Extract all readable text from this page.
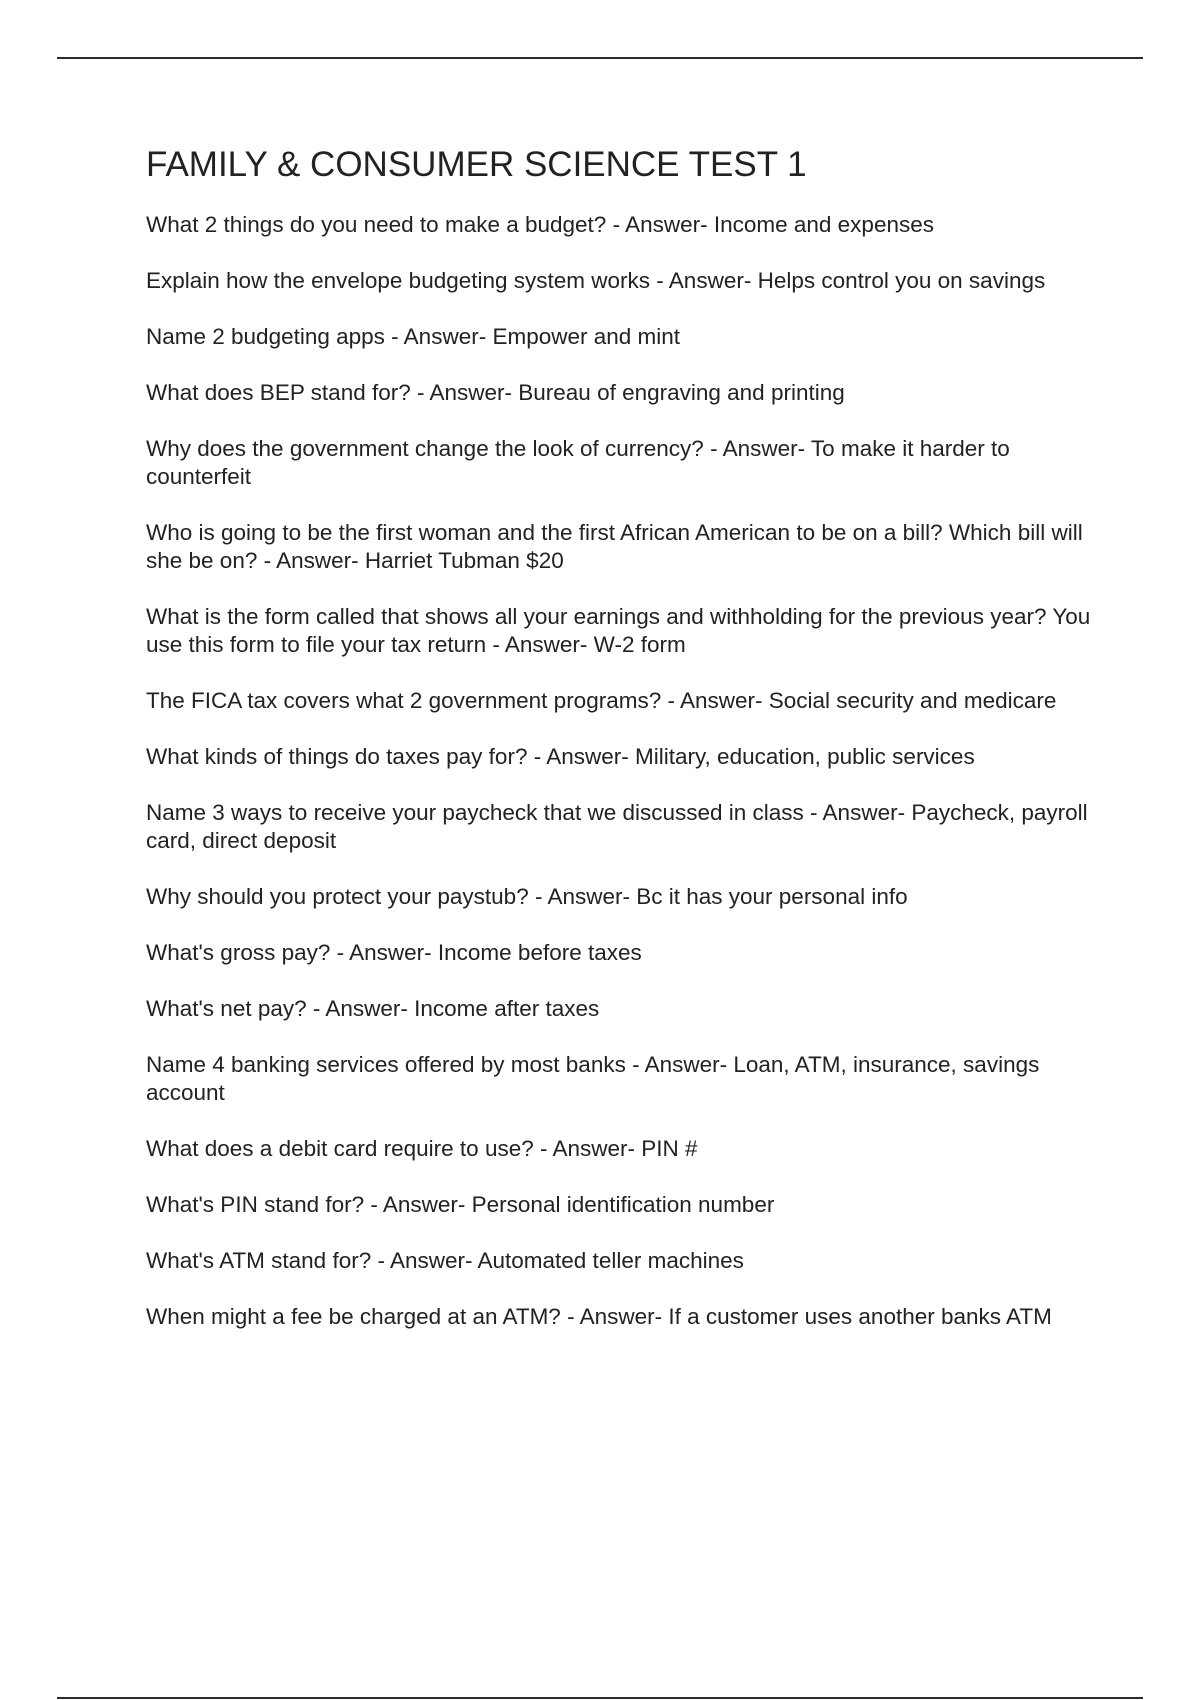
FAMILY & CONSUMER SCIENCE TEST 1
What 2 things do you need to make a budget? - Answer- Income and expenses
Explain how the envelope budgeting system works - Answer- Helps control you on savings
Name 2 budgeting apps - Answer- Empower and mint
What does BEP stand for? - Answer- Bureau of engraving and printing
Why does the government change the look of currency? - Answer- To make it harder to counterfeit
Who is going to be the first woman and the first African American to be on a bill? Which bill will she be on? - Answer- Harriet Tubman $20
What is the form called that shows all your earnings and withholding for the previous year? You use this form to file your tax return - Answer- W-2 form
The FICA tax covers what 2 government programs? - Answer- Social security and medicare
What kinds of things do taxes pay for? - Answer- Military, education, public services
Name 3 ways to receive your paycheck that we discussed in class - Answer- Paycheck, payroll card, direct deposit
Why should you protect your paystub? - Answer- Bc it has your personal info
What's gross pay? - Answer- Income before taxes
What's net pay? - Answer- Income after taxes
Name 4 banking services offered by most banks - Answer- Loan, ATM, insurance, savings account
What does a debit card require to use? - Answer- PIN #
What's PIN stand for? - Answer- Personal identification number
What's ATM stand for? - Answer- Automated teller machines
When might a fee be charged at an ATM? - Answer- If a customer uses another banks ATM
